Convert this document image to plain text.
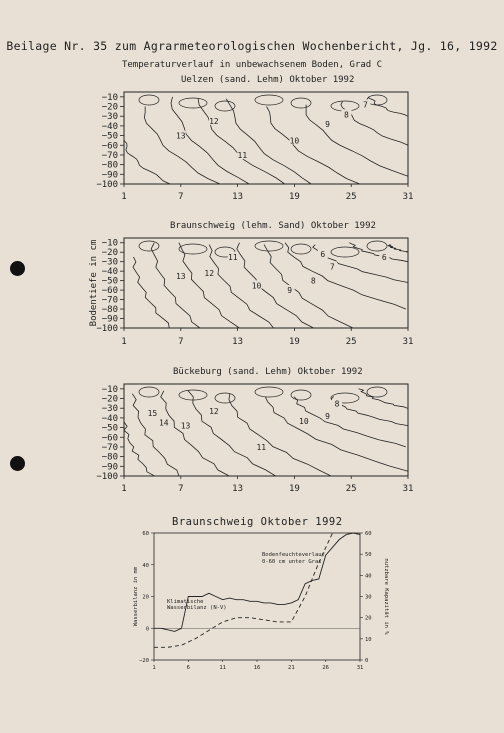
Beilage Nr. 35 zum Agrarmeteorologischen Wochenbericht, Jg. 16, 1992
Temperaturverlauf in unbewachsenem Boden, Grad C
Uelzen (sand. Lehm) Oktober 1992
Braunschweig (lehm. Sand) Oktober 1992
Bückeburg (sand. Lehm) Oktober 1992
Braunschweig Oktober 1992
−10
−20
−30
−40
−50
−60
−70
−80
−90
−100
1	7	13	19	25	31
13
12
11
10
9
8
7
−10
−20
−30
−40
−50
−60
−70
−80
−90
−100
1	7	13	19	25	31
13 12
11
10
9
8
7
6	6
Bodentiefe in cm
−10
−20
−30
−40
−50
−60
−70
−80
−90
−100
1	7	13	19	25	31
15
14 13
12
11
10
9
8
−20
0
20
40
60
0
10
20
30
40
50
60
1	6	11	16	21	26	31
Klimatische
Wasserbilanz (N-V)
Bodenfeuchteverlauf
0-60 cm unter Gras
Wasserbilanz in mm	nutzbare Kapazität in %
